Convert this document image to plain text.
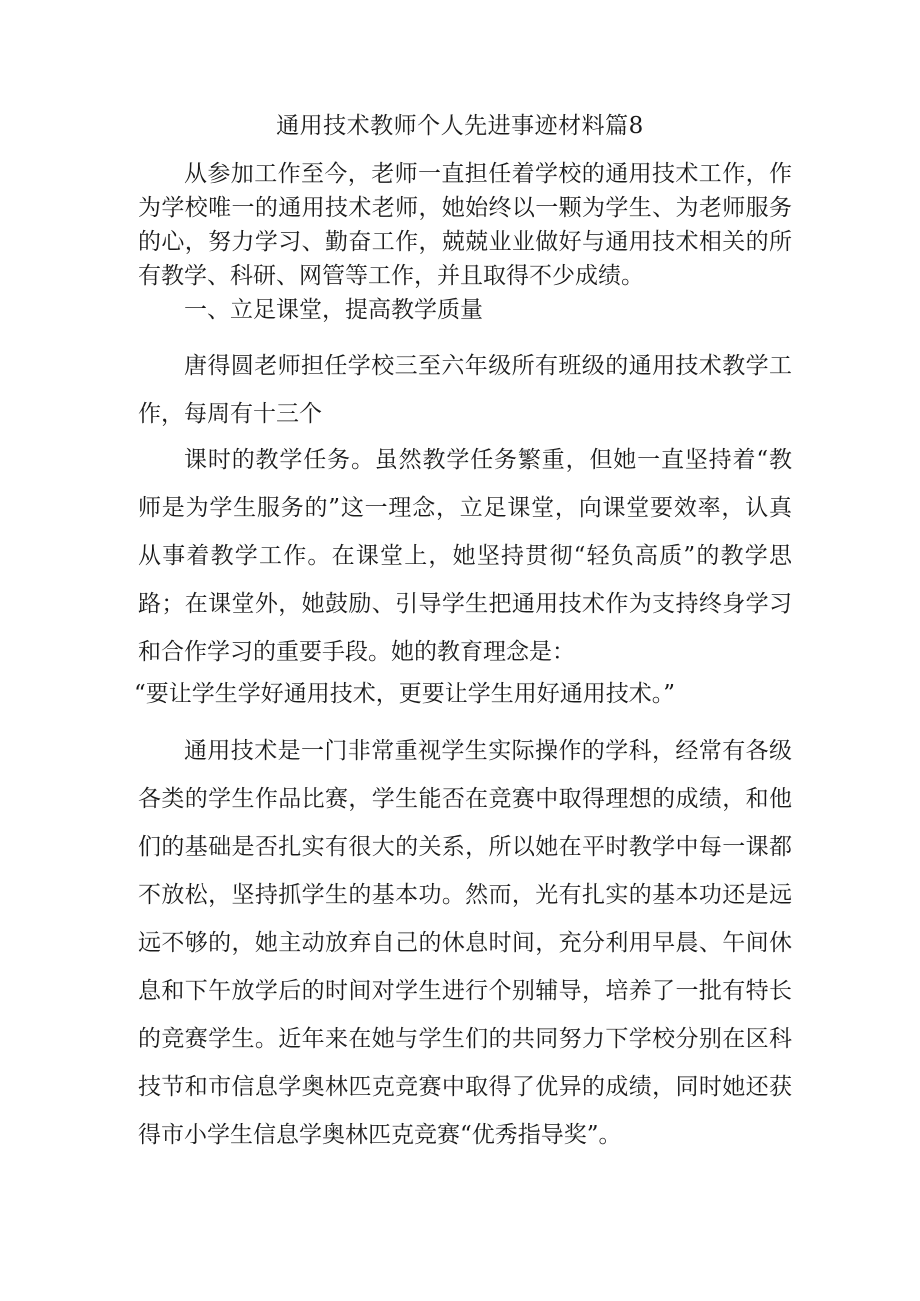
通用技术教师个人先进事迹材料篇8

从参加工作至今，老师一直担任着学校的通用技术工作，作为学校唯一的通用技术老师，她始终以一颗为学生、为老师服务的心，努力学习、勤奋工作，兢兢业业做好与通用技术相关的所有教学、科研、网管等工作，并且取得不少成绩。

一、立足课堂，提高教学质量

唐得圆老师担任学校三至六年级所有班级的通用技术教学工作，每周有十三个

课时的教学任务。虽然教学任务繁重，但她一直坚持着“教师是为学生服务的”这一理念，立足课堂，向课堂要效率，认真从事着教学工作。在课堂上，她坚持贯彻“轻负高质”的教学思路；在课堂外，她鼓励、引导学生把通用技术作为支持终身学习和合作学习的重要手段。她的教育理念是：

“要让学生学好通用技术，更要让学生用好通用技术。”

通用技术是一门非常重视学生实际操作的学科，经常有各级各类的学生作品比赛，学生能否在竞赛中取得理想的成绩，和他们的基础是否扎实有很大的关系，所以她在平时教学中每一课都不放松，坚持抓学生的基本功。然而，光有扎实的基本功还是远远不够的，她主动放弃自己的休息时间，充分利用早晨、午间休息和下午放学后的时间对学生进行个别辅导，培养了一批有特长的竞赛学生。近年来在她与学生们的共同努力下学校分别在区科技节和市信息学奥林匹克竞赛中取得了优异的成绩，同时她还获得市小学生信息学奥林匹克竞赛“优秀指导奖”。
